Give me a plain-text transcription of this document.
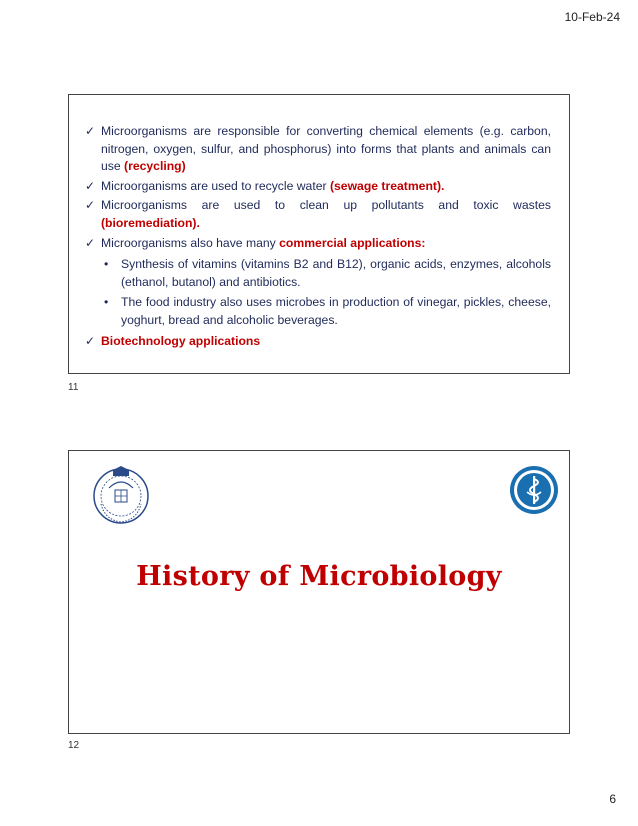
10-Feb-24
✓ Microorganisms are responsible for converting chemical elements (e.g. carbon, nitrogen, oxygen, sulfur, and phosphorus) into forms that plants and animals can use (recycling)
✓ Microorganisms are used to recycle water (sewage treatment).
✓ Microorganisms are used to clean up pollutants and toxic wastes (bioremediation).
✓ Microorganisms also have many commercial applications:
• Synthesis of vitamins (vitamins B2 and B12), organic acids, enzymes, alcohols (ethanol, butanol) and antibiotics.
• The food industry also uses microbes in production of vinegar, pickles, cheese, yoghurt, bread and alcoholic beverages.
✓ Biotechnology applications
11
History of Microbiology
12
6
